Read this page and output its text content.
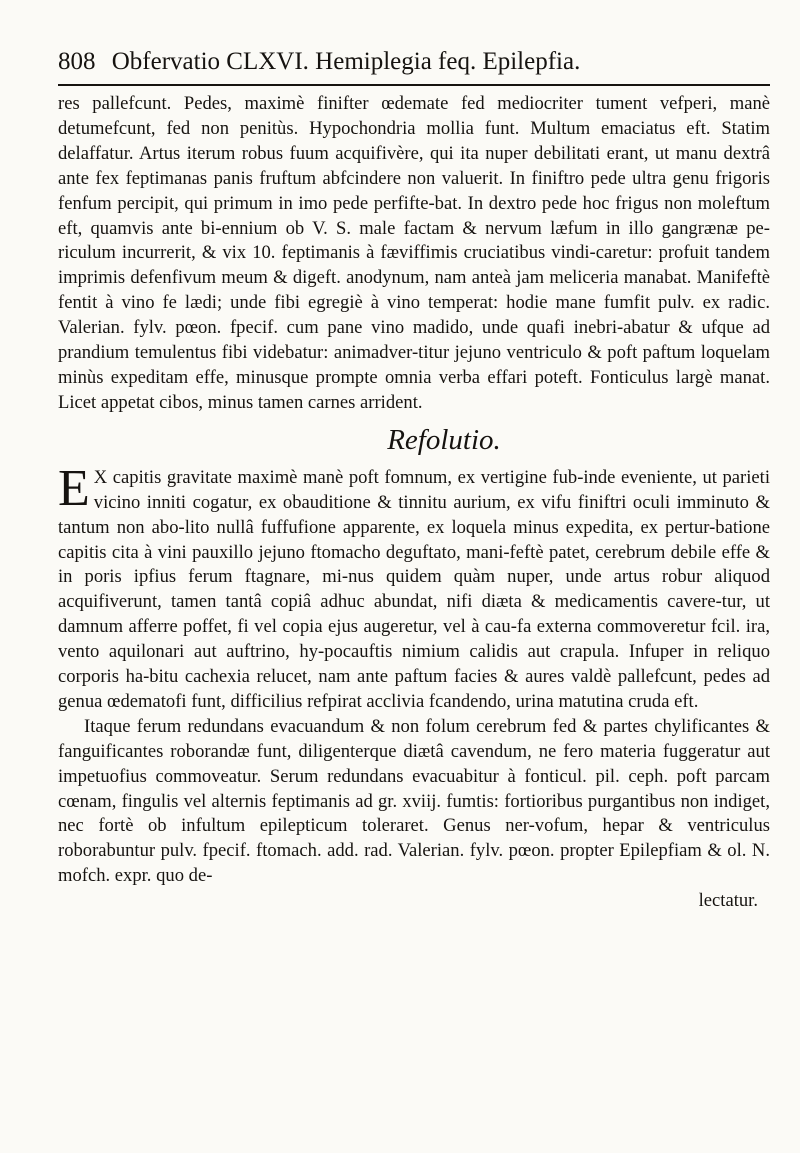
808 Obfervatio CLXVI. Hemiplegia feq. Epilepfia.

res pallefcunt. Pedes, maximè finifter œdemate fed mediocriter tument vefperi, manè detumefcunt, fed non penitùs. Hypochondria mollia funt. Multum emaciatus eft. Statim delaffatur. Artus iterum robus fuum acquifivère, qui ita nuper debilitati erant, ut manu dextrâ ante fex feptimanas panis fruftum abfcindere non valuerit. In finiftro pede ultra genu frigoris fenfum percipit, qui primum in imo pede perfifte-bat. In dextro pede hoc frigus non moleftum eft, quamvis ante bi-ennium ob V. S. male factam & nervum læfum in illo gangrænæ pe-riculum incurrerit, & vix 10. feptimanis à fæviffimis cruciatibus vindi-caretur: profuit tandem imprimis defenfivum meum & digeft. anodynum, nam anteà jam meliceria manabat. Manifeftè fentit à vino fe lædi; unde fibi egregiè à vino temperat: hodie mane fumfit pulv. ex radic. Valerian. fylv. pœon. fpecif. cum pane vino madido, unde quafi inebri-abatur & ufque ad prandium temulentus fibi videbatur: animadver-titur jejuno ventriculo & poft paftum loquelam minùs expeditam effe, minusque prompte omnia verba effari poteft. Fonticulus largè manat. Licet appetat cibos, minus tamen carnes arrident.

Refolutio.

E X capitis gravitate maximè manè poft fomnum, ex vertigine fub-inde eveniente, ut parieti vicino inniti cogatur, ex obauditione & tinnitu aurium, ex vifu finiftri oculi imminuto & tantum non abo-lito nullâ fuffufione apparente, ex loquela minus expedita, ex pertur-batione capitis cita à vini pauxillo jejuno ftomacho deguftato, mani-feftè patet, cerebrum debile effe & in poris ipfius ferum ftagnare, mi-nus quidem quàm nuper, unde artus robur aliquod acquifiverunt, tamen tantâ copiâ adhuc abundat, nifi diæta & medicamentis cavere-tur, ut damnum afferre poffet, fi vel copia ejus augeretur, vel à cau-fa externa commoveretur fcil. ira, vento aquilonari aut auftrino, hy-pocauftis nimium calidis aut crapula. Infuper in reliquo corporis ha-bitu cachexia relucet, nam ante paftum facies & aures valdè pallefcunt, pedes ad genua œdematofi funt, difficilius refpirat acclivia fcandendo, urina matutina cruda eft.

Itaque ferum redundans evacuandum & non folum cerebrum fed & partes chylificantes & fanguificantes roborandæ funt, diligenterque diætâ cavendum, ne fero materia fuggeratur aut impetuofius commoveatur. Serum redundans evacuabitur à fonticul. pil. ceph. poft parcam cœnam, fingulis vel alternis feptimanis ad gr. xviij. fumtis: fortioribus purgantibus non indiget, nec fortè ob infultum epilepticum toleraret. Genus ner-vofum, hepar & ventriculus roborabuntur pulv. fpecif. ftomach. add. rad. Valerian. fylv. pœon. propter Epilepfiam & ol. N. mofch. expr. quo de-

lectatur.
